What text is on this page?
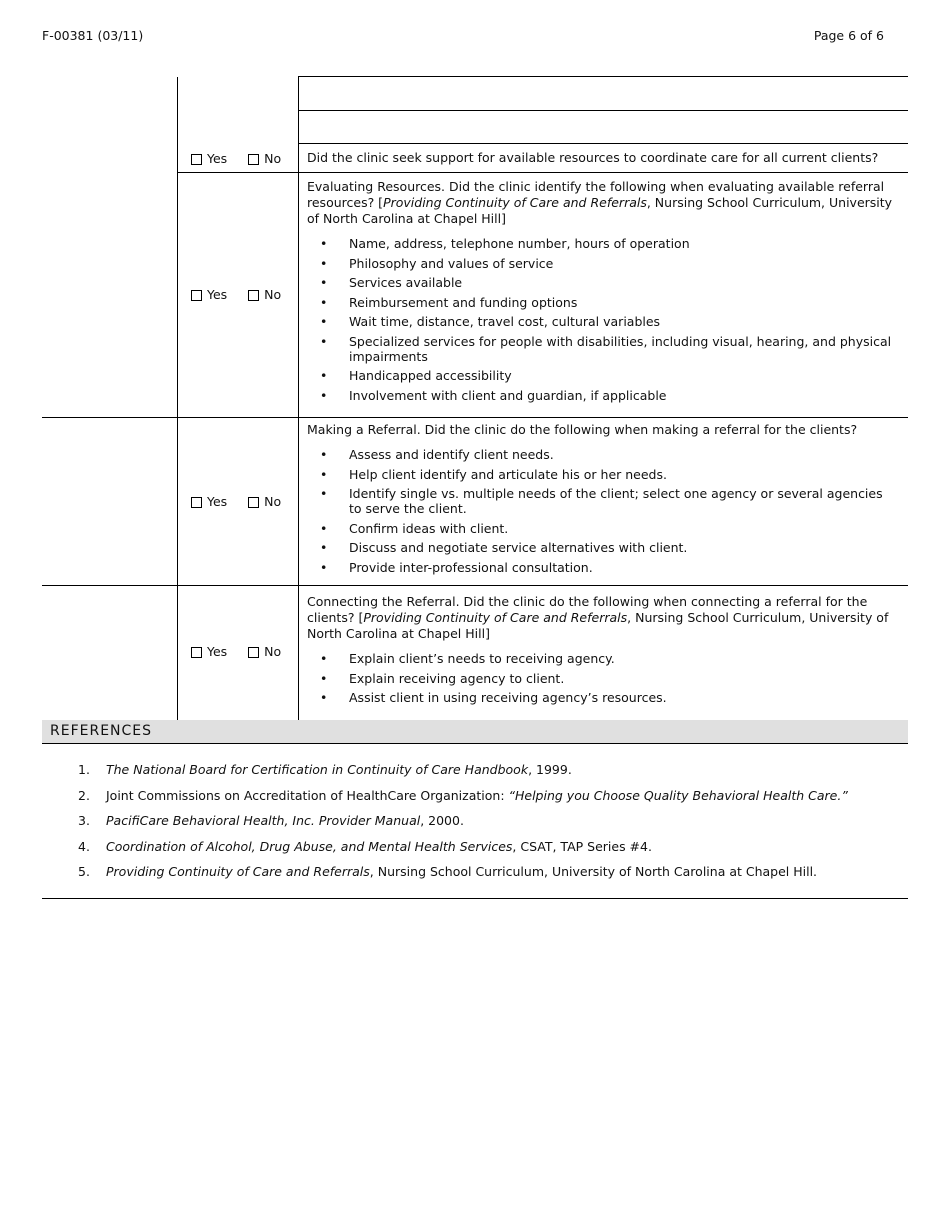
F-00381 (03/11)	Page 6 of 6
Yes	No Did the clinic seek support for available resources to coordinate care for all current clients?
Yes	No
Evaluating Resources. Did the clinic identify the following when evaluating available referral resources? [Providing Continuity of Care and Referrals, Nursing School Curriculum, University of North Carolina at Chapel Hill]
• Name, address, telephone number, hours of operation
• Philosophy and values of service
• Services available
• Reimbursement and funding options
• Wait time, distance, travel cost, cultural variables
• Specialized services for people with disabilities, including visual, hearing, and physical impairments
• Handicapped accessibility
• Involvement with client and guardian, if applicable
Yes	No
Making a Referral. Did the clinic do the following when making a referral for the clients?
• Assess and identify client needs.
• Help client identify and articulate his or her needs.
• Identify single vs. multiple needs of the client; select one agency or several agencies to serve the client.
• Confirm ideas with client.
• Discuss and negotiate service alternatives with client.
• Provide inter-professional consultation.
Yes	No
Connecting the Referral. Did the clinic do the following when connecting a referral for the clients? [Providing Continuity of Care and Referrals, Nursing School Curriculum, University of North Carolina at Chapel Hill]
• Explain client’s needs to receiving agency.
• Explain receiving agency to client.
• Assist client in using receiving agency’s resources.
REFERENCES
1. The National Board for Certification in Continuity of Care Handbook, 1999.
2. Joint Commissions on Accreditation of HealthCare Organization: “Helping you Choose Quality Behavioral Health Care.”
3. PacifiCare Behavioral Health, Inc. Provider Manual, 2000.
4. Coordination of Alcohol, Drug Abuse, and Mental Health Services, CSAT, TAP Series #4.
5. Providing Continuity of Care and Referrals, Nursing School Curriculum, University of North Carolina at Chapel Hill.
